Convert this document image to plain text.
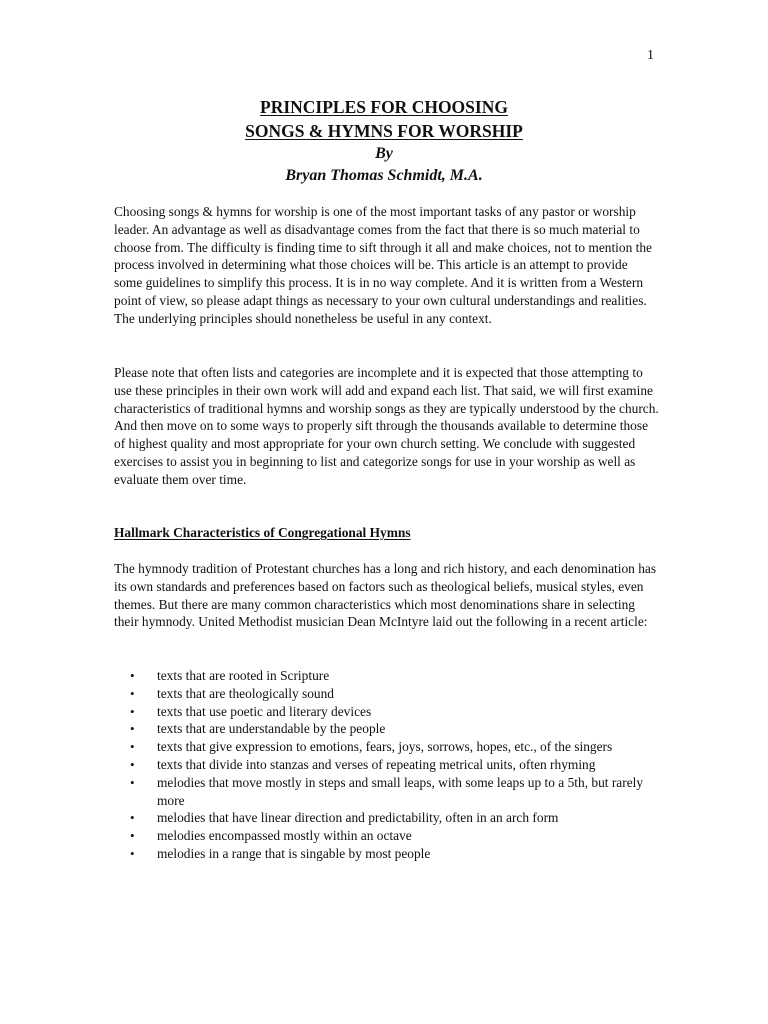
1
PRINCIPLES FOR CHOOSING
SONGS & HYMNS FOR WORSHIP
By
Bryan Thomas Schmidt, M.A.

Choosing songs & hymns for worship is one of the most important tasks of any pastor or worship leader. An advantage as well as disadvantage comes from the fact that there is so much material to choose from. The difficulty is finding time to sift through it all and make choices, not to mention the process involved in determining what those choices will be. This article is an attempt to provide some guidelines to simplify this process. It is in no way complete. And it is written from a Western point of view, so please adapt things as necessary to your own cultural understandings and realities. The underlying principles should nonetheless be useful in any context.

Please note that often lists and categories are incomplete and it is expected that those attempting to use these principles in their own work will add and expand each list. That said, we will first examine characteristics of traditional hymns and worship songs as they are typically understood by the church. And then move on to some ways to properly sift through the thousands available to determine those of highest quality and most appropriate for your own church setting. We conclude with suggested exercises to assist you in beginning to list and categorize songs for use in your worship as well as evaluate them over time.

Hallmark Characteristics of Congregational Hymns

The hymnody tradition of Protestant churches has a long and rich history, and each denomination has its own standards and preferences based on factors such as theological beliefs, musical styles, even themes. But there are many common characteristics which most denominations share in selecting their hymnody. United Methodist musician Dean McIntyre laid out the following in a recent article:

• texts that are rooted in Scripture
• texts that are theologically sound
• texts that use poetic and literary devices
• texts that are understandable by the people
• texts that give expression to emotions, fears, joys, sorrows, hopes, etc., of the singers
• texts that divide into stanzas and verses of repeating metrical units, often rhyming
• melodies that move mostly in steps and small leaps, with some leaps up to a 5th, but rarely more
• melodies that have linear direction and predictability, often in an arch form
• melodies encompassed mostly within an octave
• melodies in a range that is singable by most people
